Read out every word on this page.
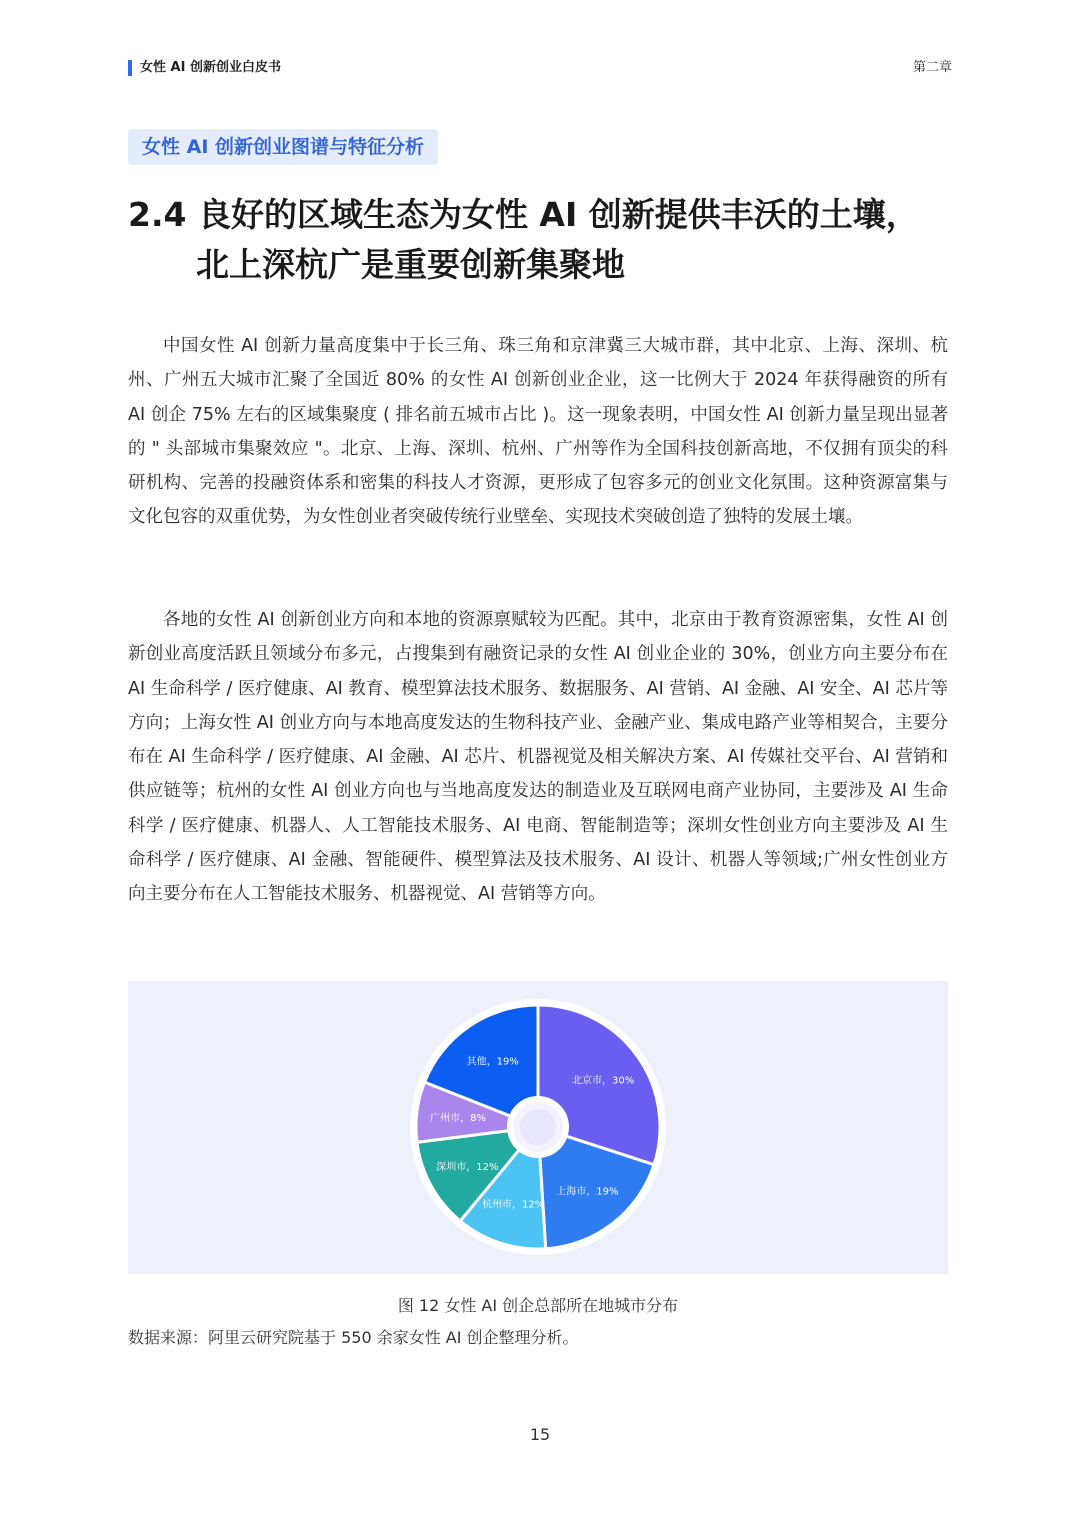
女性 AI 创新创业白皮书	第二章
女性 AI 创新创业图谱与特征分析
2.4 良好的区域生态为女性 AI 创新提供丰沃的土壤，
北上深杭广是重要创新集聚地

中国女性 AI 创新力量高度集中于长三角、珠三角和京津冀三大城市群，其中北京、上海、深圳、杭州、广州五大城市汇聚了全国近 80% 的女性 AI 创新创业企业，这一比例大于 2024 年获得融资的所有 AI 创企 75% 左右的区域集聚度 ( 排名前五城市占比 )。这一现象表明，中国女性 AI 创新力量呈现出显著的 " 头部城市集聚效应 "。北京、上海、深圳、杭州、广州等作为全国科技创新高地，不仅拥有顶尖的科研机构、完善的投融资体系和密集的科技人才资源，更形成了包容多元的创业文化氛围。这种资源富集与文化包容的双重优势，为女性创业者突破传统行业壁垒、实现技术突破创造了独特的发展土壤。

各地的女性 AI 创新创业方向和本地的资源禀赋较为匹配。其中，北京由于教育资源密集，女性 AI 创新创业高度活跃且领域分布多元，占搜集到有融资记录的女性 AI 创业企业的 30%，创业方向主要分布在 AI 生命科学 / 医疗健康、AI 教育、模型算法技术服务、数据服务、AI 营销、AI 金融、AI 安全、AI 芯片等方向；上海女性 AI 创业方向与本地高度发达的生物科技产业、金融产业、集成电路产业等相契合，主要分布在 AI 生命科学 / 医疗健康、AI 金融、AI 芯片、机器视觉及相关解决方案、AI 传媒社交平台、AI 营销和供应链等；杭州的女性 AI 创业方向也与当地高度发达的制造业及互联网电商产业协同，主要涉及 AI 生命科学 / 医疗健康、机器人、人工智能技术服务、AI 电商、智能制造等；深圳女性创业方向主要涉及 AI 生命科学 / 医疗健康、AI 金融、智能硬件、模型算法及技术服务、AI 设计、机器人等领域;广州女性创业方向主要分布在人工智能技术服务、机器视觉、AI 营销等方向。

北京市，30%
上海市，19%
杭州市，12%
深圳市，12%
广州市，8%
其他，19%
图 12 女性 AI 创企总部所在地城市分布
数据来源：阿里云研究院基于 550 余家女性 AI 创企整理分析。
15
